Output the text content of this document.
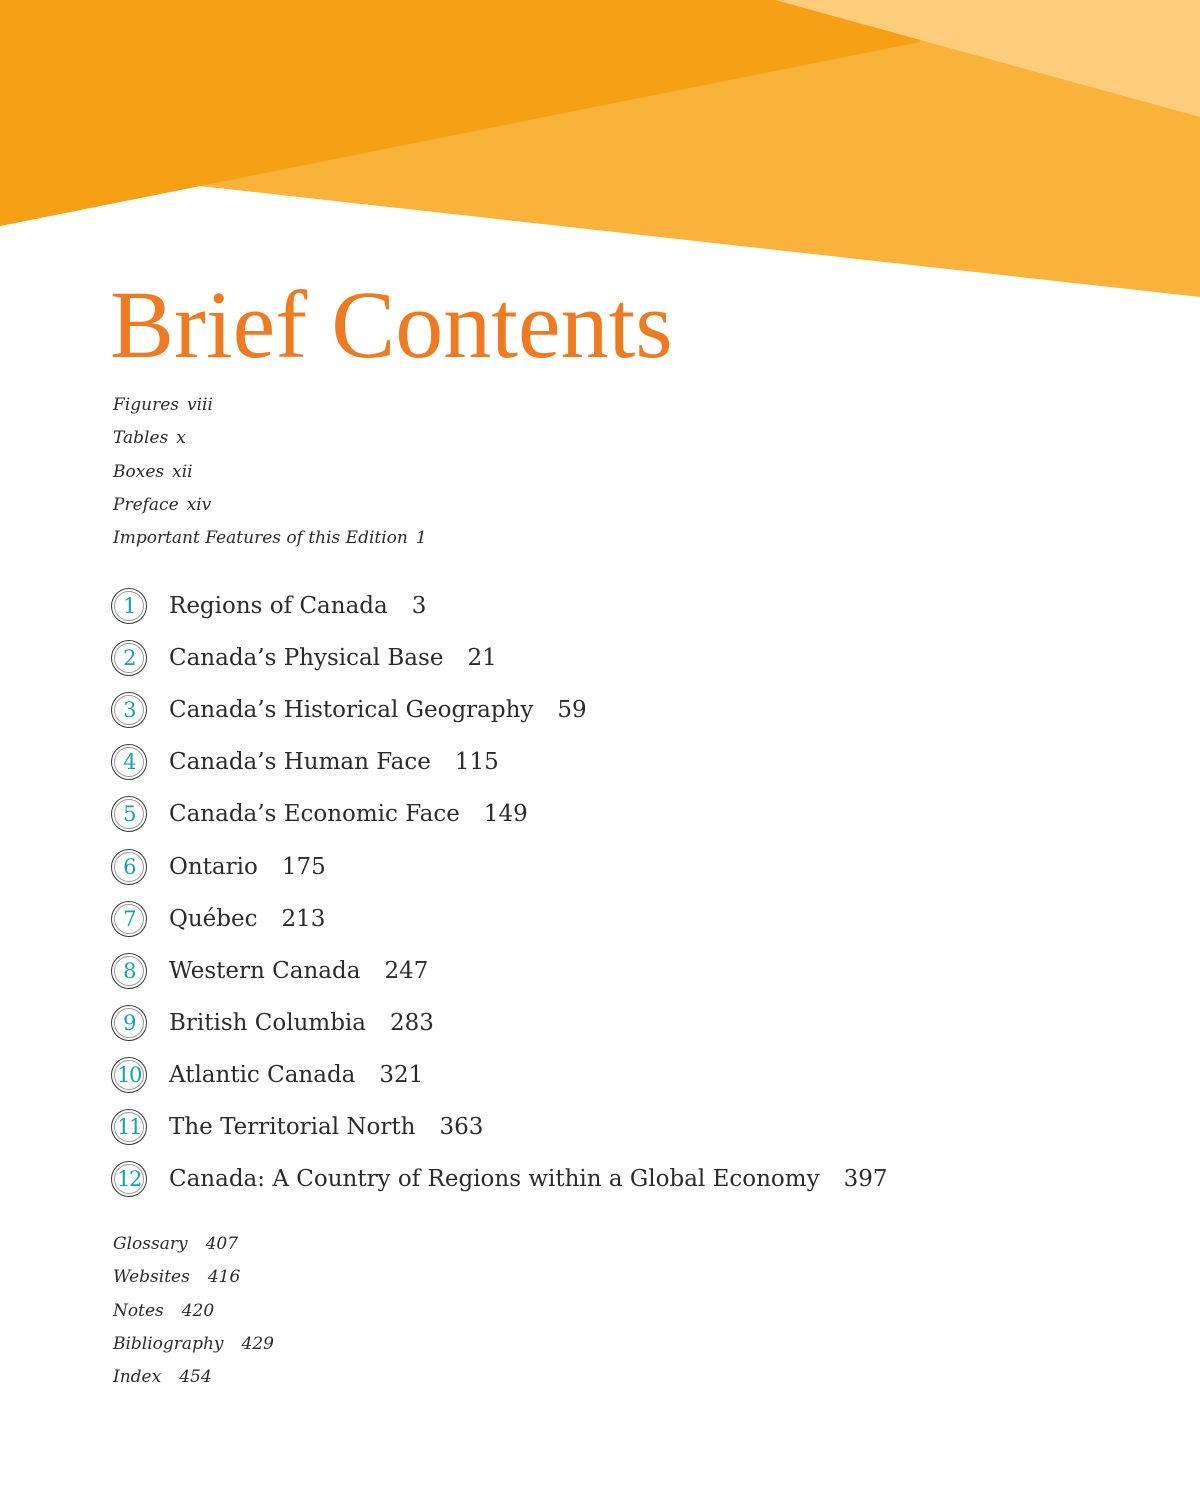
Brief Contents
Figures viii
Tables x
Boxes xii
Preface xiv
Important Features of this Edition 1
1 Regions of Canada 3
2 Canada’s Physical Base 21
3 Canada’s Historical Geography 59
4 Canada’s Human Face 115
5 Canada’s Economic Face 149
6 Ontario 175
7 Québec 213
8 Western Canada 247
9 British Columbia 283
10 Atlantic Canada 321
11 The Territorial North 363
12 Canada: A Country of Regions within a Global Economy 397
Glossary 407
Websites 416
Notes 420
Bibliography 429
Index 454
